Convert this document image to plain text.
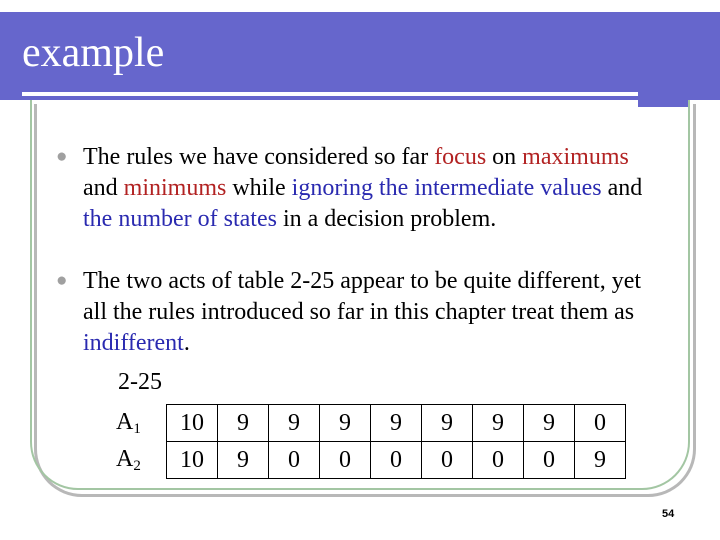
example
● The rules we have considered so far focus on maximums and minimums while ignoring the intermediate values and the number of states in a decision problem.
● The two acts of table 2-25 appear to be quite different, yet all the rules introduced so far in this chapter treat them as indifferent.
2-25
$A_1$	10	9	9	9	9	9	9	9	0
$A_2$	10	9	0	0	0	0	0	0	9
54
